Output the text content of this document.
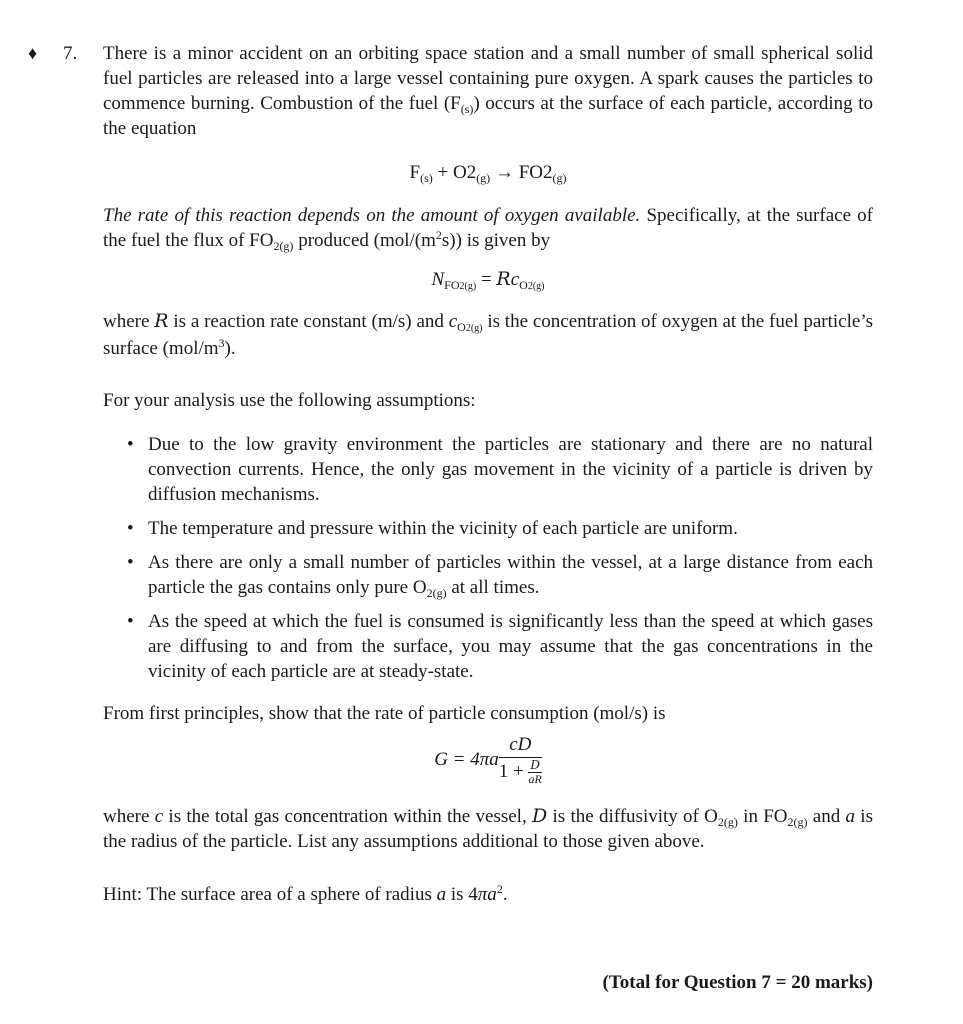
♦ 7. There is a minor accident on an orbiting space station and a small number of small spherical solid fuel particles are released into a large vessel containing pure oxygen. A spark causes the particles to commence burning. Combustion of the fuel $(F_{(s)})$ occurs at the surface of each particle, according to the equation

$F_{(s)} + O2_{(g)} \to FO2_{(g)}$

The rate of this reaction depends on the amount of oxygen available. Specifically, at the surface of the fuel the flux of $FO_{2(g)}$ produced $(mol/(m^2s))$ is given by

$N_{FO2(g)} = Rc_{O2(g)}$

where R is a reaction rate constant (m/s) and $c_{O2(g)}$ is the concentration of oxygen at the fuel particle’s surface $(mol/m^3)$.

For your analysis use the following assumptions:

• Due to the low gravity environment the particles are stationary and there are no natural convection currents. Hence, the only gas movement in the vicinity of a particle is driven by diffusion mechanisms.
• The temperature and pressure within the vicinity of each particle are uniform.
• As there are only a small number of particles within the vessel, at a large distance from each particle the gas contains only pure $O_{2(g)}$ at all times.
• As the speed at which the fuel is consumed is significantly less than the speed at which gases are diffusing to and from the surface, you may assume that the gas concentrations in the vicinity of each particle are at steady-state.

From first principles, show that the rate of particle consumption (mol/s) is

$G = 4\pi a \frac{cD}{1 + \frac{D}{aR}}$

where c is the total gas concentration within the vessel, D is the diffusivity of $O_{2(g)}$ in $FO_{2(g)}$ and a is the radius of the particle. List any assumptions additional to those given above.

Hint: The surface area of a sphere of radius a is $4\pi a^2$.

(Total for Question 7 = 20 marks)
